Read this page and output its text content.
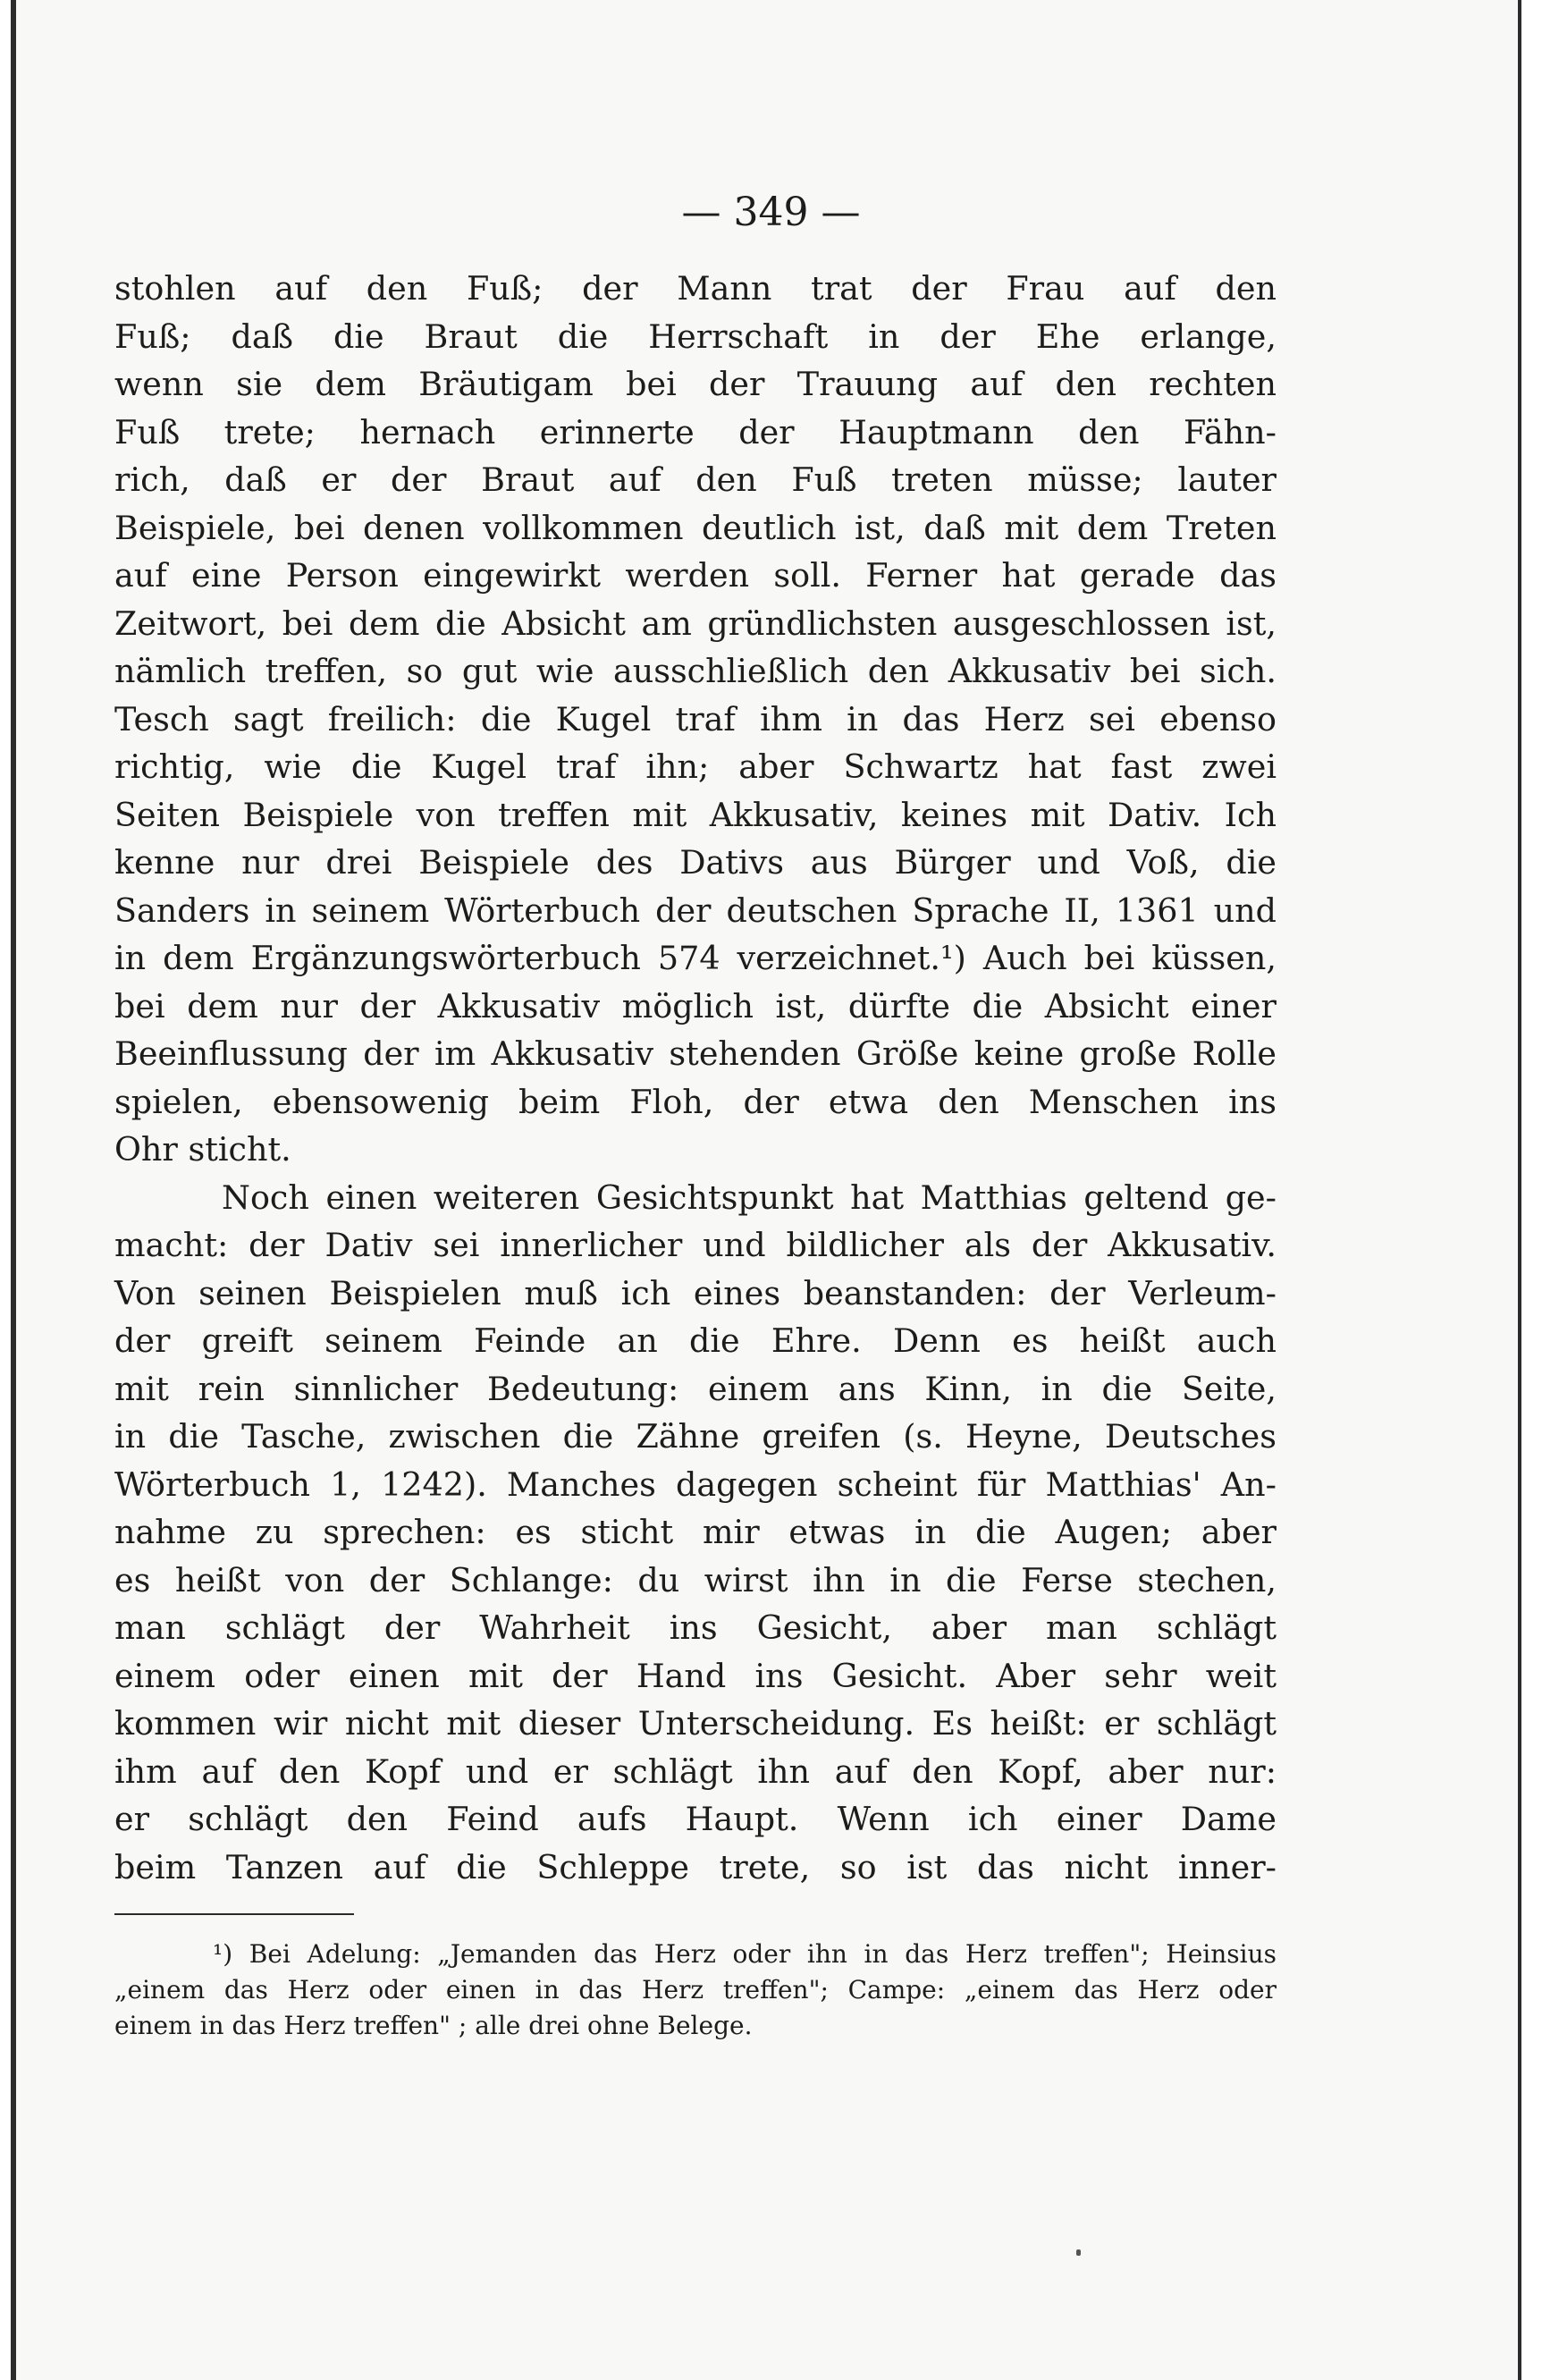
— 349 —

stohlen auf den Fuß; der Mann trat der Frau auf den

Fuß; daß die Braut die Herrschaft in der Ehe erlange,

wenn sie dem Bräutigam bei der Trauung auf den rechten

Fuß trete; hernach erinnerte der Hauptmann den Fähn-

rich, daß er der Braut auf den Fuß treten müsse; lauter

Beispiele, bei denen vollkommen deutlich ist, daß mit dem Treten

auf eine Person eingewirkt werden soll. Ferner hat gerade das

Zeitwort, bei dem die Absicht am gründlichsten ausgeschlossen ist,

nämlich treffen, so gut wie ausschließlich den Akkusativ bei sich.

Tesch sagt freilich: die Kugel traf ihm in das Herz sei ebenso

richtig, wie die Kugel traf ihn; aber Schwartz hat fast zwei

Seiten Beispiele von treffen mit Akkusativ, keines mit Dativ. Ich

kenne nur drei Beispiele des Dativs aus Bürger und Voß, die

Sanders in seinem Wörterbuch der deutschen Sprache II, 1361 und

in dem Ergänzungswörterbuch 574 verzeichnet.¹) Auch bei küssen,

bei dem nur der Akkusativ möglich ist, dürfte die Absicht einer

Beeinflussung der im Akkusativ stehenden Größe keine große Rolle

spielen, ebensowenig beim Floh, der etwa den Menschen ins

Ohr sticht.

Noch einen weiteren Gesichtspunkt hat Matthias geltend ge-

macht: der Dativ sei innerlicher und bildlicher als der Akkusativ.

Von seinen Beispielen muß ich eines beanstanden: der Verleum-

der greift seinem Feinde an die Ehre. Denn es heißt auch

mit rein sinnlicher Bedeutung: einem ans Kinn, in die Seite,

in die Tasche, zwischen die Zähne greifen (s. Heyne, Deutsches

Wörterbuch 1, 1242). Manches dagegen scheint für Matthias' An-

nahme zu sprechen: es sticht mir etwas in die Augen; aber

es heißt von der Schlange: du wirst ihn in die Ferse stechen,

man schlägt der Wahrheit ins Gesicht, aber man schlägt

einem oder einen mit der Hand ins Gesicht. Aber sehr weit

kommen wir nicht mit dieser Unterscheidung. Es heißt: er schlägt

ihm auf den Kopf und er schlägt ihn auf den Kopf, aber nur:

er schlägt den Feind aufs Haupt. Wenn ich einer Dame

beim Tanzen auf die Schleppe trete, so ist das nicht inner-

¹) Bei Adelung: „Jemanden das Herz oder ihn in das Herz treffen"; Heinsius

„einem das Herz oder einen in das Herz treffen"; Campe: „einem das Herz oder

einem in das Herz treffen" ; alle drei ohne Belege.
